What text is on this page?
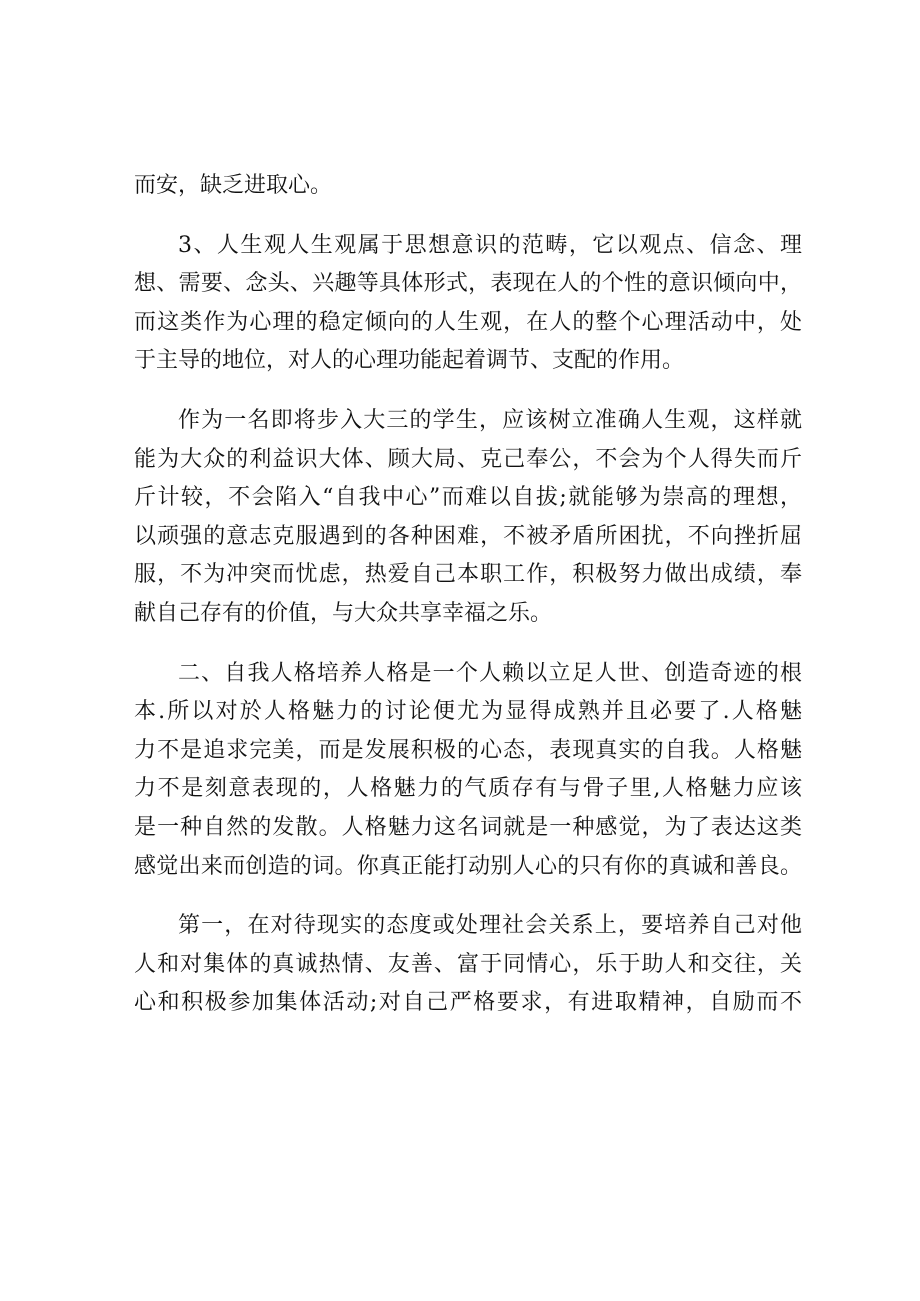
而安，缺乏进取心。
3、人生观人生观属于思想意识的范畴，它以观点、信念、理
想、需要、念头、兴趣等具体形式，表现在人的个性的意识倾向中，
而这类作为心理的稳定倾向的人生观，在人的整个心理活动中，处
于主导的地位，对人的心理功能起着调节、支配的作用。
作为一名即将步入大三的学生，应该树立准确人生观，这样就
能为大众的利益识大体、顾大局、克己奉公，不会为个人得失而斤
斤计较，不会陷入“自我中心”而难以自拔;就能够为崇高的理想，
以顽强的意志克服遇到的各种困难，不被矛盾所困扰，不向挫折屈
服，不为冲突而忧虑，热爱自己本职工作，积极努力做出成绩，奉
献自己存有的价值，与大众共享幸福之乐。
二、自我人格培养人格是一个人赖以立足人世、创造奇迹的根
本.所以对於人格魅力的讨论便尤为显得成熟并且必要了.人格魅
力不是追求完美，而是发展积极的心态，表现真实的自我。人格魅
力不是刻意表现的，人格魅力的气质存有与骨子里,人格魅力应该
是一种自然的发散。人格魅力这名词就是一种感觉，为了表达这类
感觉出来而创造的词。你真正能打动别人心的只有你的真诚和善良。
第一，在对待现实的态度或处理社会关系上，要培养自己对他
人和对集体的真诚热情、友善、富于同情心，乐于助人和交往，关
心和积极参加集体活动;对自己严格要求，有进取精神，自励而不
